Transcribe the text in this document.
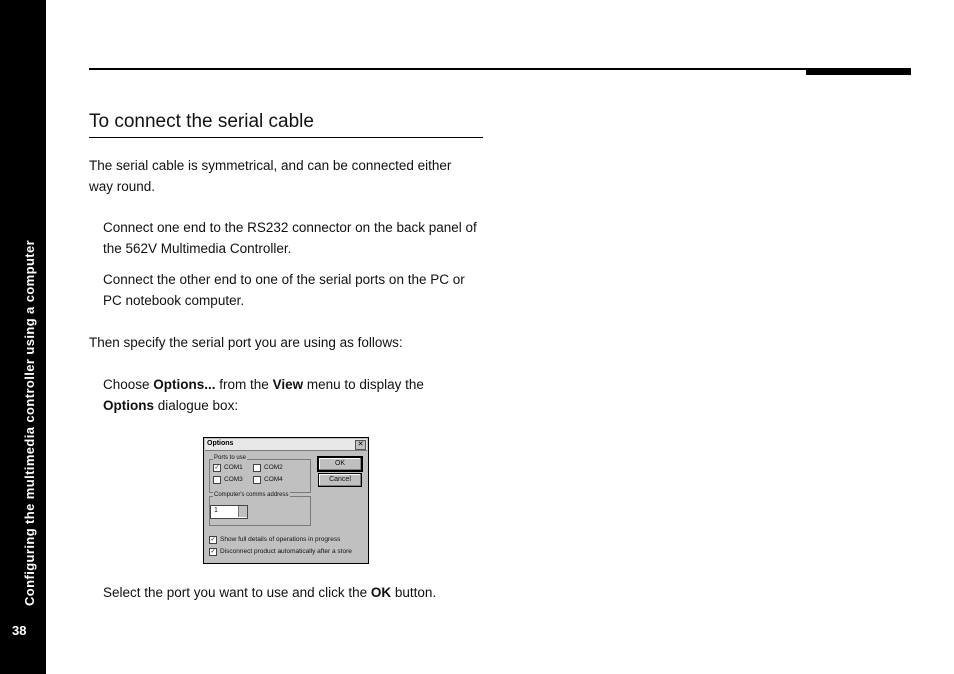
Configuring the multimedia controller using a computer
38
To connect the serial cable

The serial cable is symmetrical, and can be connected either way round.

Connect one end to the RS232 connector on the back panel of the 562V Multimedia Controller.

Connect the other end to one of the serial ports on the PC or PC notebook computer.

Then specify the serial port you are using as follows:

Choose Options... from the View menu to display the
Options dialogue box:

Options	✕
Ports to use
✓ COM1	COM2
COM3	COM4
OK
Cancel
Computer's comms address
1
✓ Show full details of operations in progress
✓ Disconnect product automatically after a store

Select the port you want to use and click the OK button.
